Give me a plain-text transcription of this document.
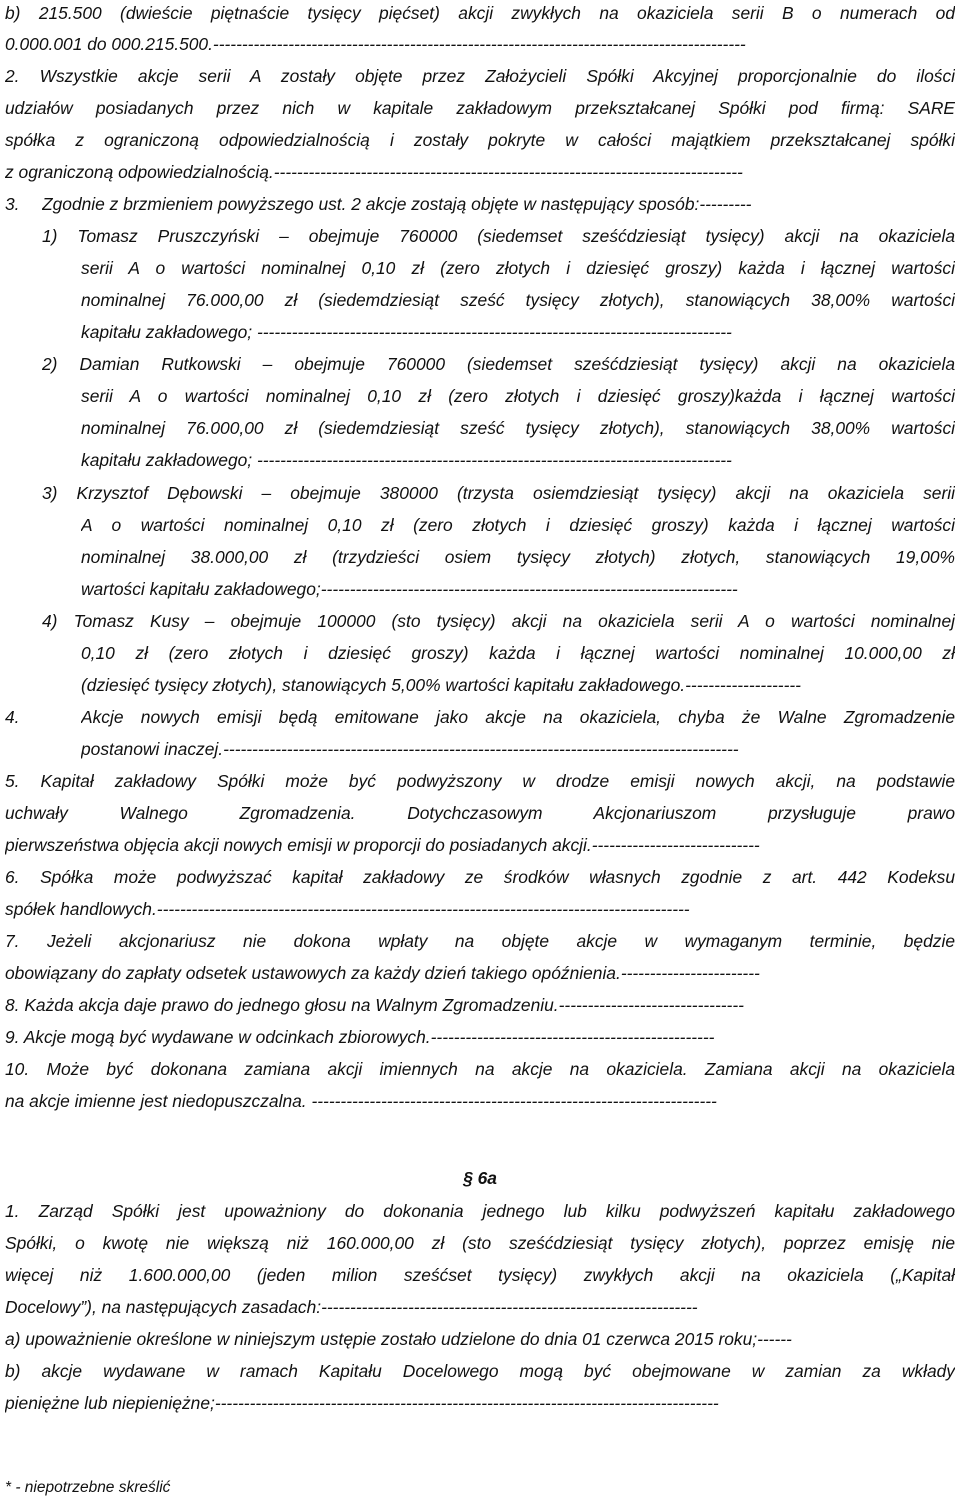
b) 215.500 (dwieście piętnaście tysięcy pięćset) akcji zwykłych na okaziciela serii B o numerach od
0.000.001 do 000.215.500.--------------------------------------------------------------------------------------------
2. Wszystkie akcje serii A zostały objęte przez Założycieli Spółki Akcyjnej proporcjonalnie do ilości
udziałów posiadanych przez nich w kapitale zakładowym przekształcanej Spółki pod firmą: SARE
spółka z ograniczoną odpowiedzialnością i zostały pokryte w całości majątkiem przekształcanej spółki
z ograniczoną odpowiedzialnością.---------------------------------------------------------------------------------
3.	Zgodnie z brzmieniem powyższego ust. 2 akcje zostają objęte w następujący sposób:---------
1) Tomasz Pruszczyński – obejmuje 760000 (siedemset sześćdziesiąt tysięcy) akcji na okaziciela
serii A o wartości nominalnej 0,10 zł (zero złotych i dziesięć groszy) każda i łącznej wartości
nominalnej 76.000,00 zł (siedemdziesiąt sześć tysięcy złotych), stanowiących 38,00% wartości
kapitału zakładowego; ----------------------------------------------------------------------------------
2) Damian Rutkowski – obejmuje 760000 (siedemset sześćdziesiąt tysięcy) akcji na okaziciela
serii A o wartości nominalnej 0,10 zł (zero złotych i dziesięć groszy)każda i łącznej wartości
nominalnej 76.000,00 zł (siedemdziesiąt sześć tysięcy złotych), stanowiących 38,00% wartości
kapitału zakładowego; ----------------------------------------------------------------------------------
3) Krzysztof Dębowski – obejmuje 380000 (trzysta osiemdziesiąt tysięcy) akcji na okaziciela serii
A o wartości nominalnej 0,10 zł (zero złotych i dziesięć groszy) każda i łącznej wartości
nominalnej 38.000,00 zł (trzydzieści osiem tysięcy złotych) złotych, stanowiących 19,00%
wartości kapitału zakładowego;------------------------------------------------------------------------
4) Tomasz Kusy – obejmuje 100000 (sto tysięcy) akcji na okaziciela serii A o wartości nominalnej
0,10 zł (zero złotych i dziesięć groszy) każda i łącznej wartości nominalnej 10.000,00 zł
(dziesięć tysięcy złotych), stanowiących 5,00% wartości kapitału zakładowego.--------------------
4.	Akcje nowych emisji będą emitowane jako akcje na okaziciela, chyba że Walne Zgromadzenie
postanowi inaczej.-----------------------------------------------------------------------------------------
5. Kapitał zakładowy Spółki może być podwyższony w drodze emisji nowych akcji, na podstawie
uchwały Walnego Zgromadzenia. Dotychczasowym Akcjonariuszom przysługuje prawo
pierwszeństwa objęcia akcji nowych emisji w proporcji do posiadanych akcji.-----------------------------
6. Spółka może podwyższać kapitał zakładowy ze środków własnych zgodnie z art. 442 Kodeksu
spółek handlowych.--------------------------------------------------------------------------------------------
7. Jeżeli akcjonariusz nie dokona wpłaty na objęte akcje w wymaganym terminie, będzie
obowiązany do zapłaty odsetek ustawowych za każdy dzień takiego opóźnienia.------------------------
8. Każda akcja daje prawo do jednego głosu na Walnym Zgromadzeniu.--------------------------------
9. Akcje mogą być wydawane w odcinkach zbiorowych.-------------------------------------------------
10. Może być dokonana zamiana akcji imiennych na akcje na okaziciela. Zamiana akcji na okaziciela
na akcje imienne jest niedopuszczalna. ----------------------------------------------------------------------
§ 6a
1. Zarząd Spółki jest upoważniony do dokonania jednego lub kilku podwyższeń kapitału zakładowego
Spółki, o kwotę nie większą niż 160.000,00 zł (sto sześćdziesiąt tysięcy złotych), poprzez emisję nie
więcej niż 1.600.000,00 (jeden milion sześćset tysięcy) zwykłych akcji na okaziciela („Kapitał
Docelowy”), na następujących zasadach:-----------------------------------------------------------------
a) upoważnienie określone w niniejszym ustępie zostało udzielone do dnia 01 czerwca 2015 roku;------
b) akcje wydawane w ramach Kapitału Docelowego mogą być obejmowane w zamian za wkłady
pieniężne lub niepieniężne;---------------------------------------------------------------------------------------
* - niepotrzebne skreślić
